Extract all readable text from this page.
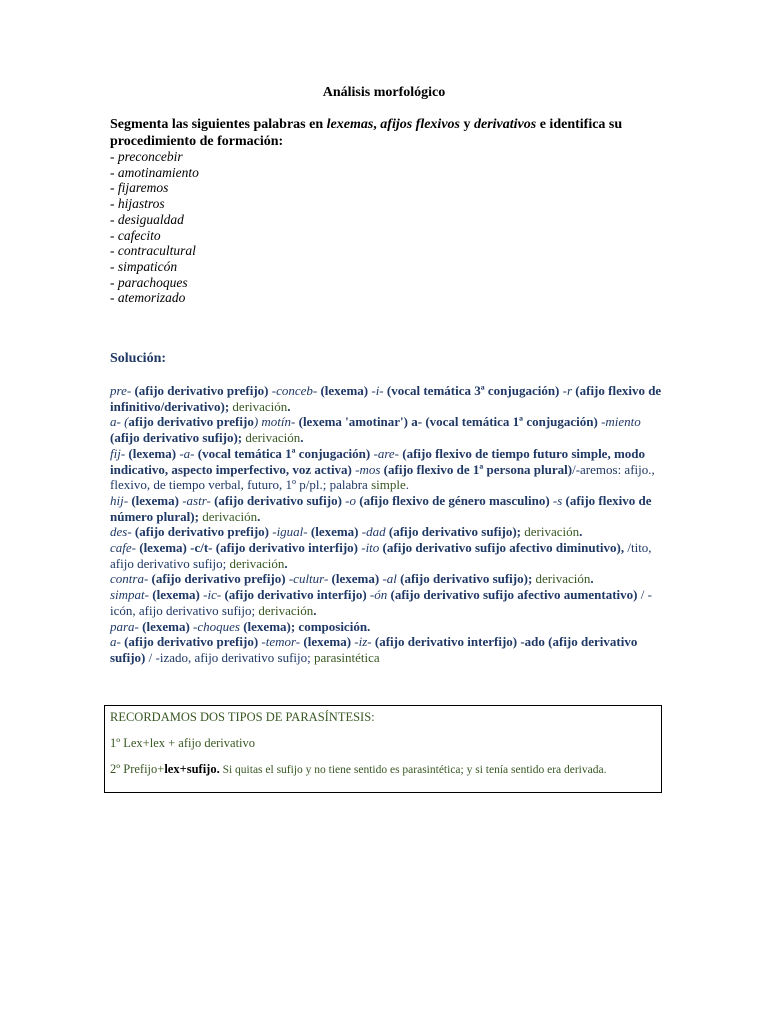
Análisis morfológico
Segmenta las siguientes palabras en lexemas, afijos flexivos y derivativos e identifica su procedimiento de formación:
- preconcebir
- amotinamiento
- fijaremos
- hijastros
- desigualdad
- cafecito
- contracultural
- simpaticón
- parachoques
- atemorizado
Solución:

pre- (afijo derivativo prefijo) -conceb- (lexema) -i- (vocal temática 3ª conjugación) -r (afijo flexivo de infinitivo/derivativo); derivación.

a- (afijo derivativo prefijo) motín- (lexema 'amotinar') a- (vocal temática 1ª conjugación) -miento (afijo derivativo sufijo); derivación.

fij- (lexema) -a- (vocal temática 1ª conjugación) -are- (afijo flexivo de tiempo futuro simple, modo indicativo, aspecto imperfectivo, voz activa) -mos (afijo flexivo de 1ª persona plural)/-aremos: afijo., flexivo, de tiempo verbal, futuro, 1º p/pl.; palabra simple.

hij- (lexema) -astr- (afijo derivativo sufijo) -o (afijo flexivo de género masculino) -s (afijo flexivo de número plural); derivación.

des- (afijo derivativo prefijo) -igual- (lexema) -dad (afijo derivativo sufijo); derivación.

cafe- (lexema) -c/t- (afijo derivativo interfijo) -ito (afijo derivativo sufijo afectivo diminutivo), /tito, afijo derivativo sufijo; derivación.

contra- (afijo derivativo prefijo) -cultur- (lexema) -al (afijo derivativo sufijo); derivación.

simpat- (lexema) -ic- (afijo derivativo interfijo) -ón (afijo derivativo sufijo afectivo aumentativo) / -icón, afijo derivativo sufijo; derivación.

para- (lexema) -choques (lexema); composición.

a- (afijo derivativo prefijo) -temor- (lexema) -iz- (afijo derivativo interfijo) -ado (afijo derivativo sufijo) / -izado, afijo derivativo sufijo; parasintética

RECORDAMOS DOS TIPOS DE PARASÍNTESIS:
1º Lex+lex + afijo derivativo
2º Prefijo+lex+sufijo. Si quitas el sufijo y no tiene sentido es parasintética; y si tenía sentido era derivada.
